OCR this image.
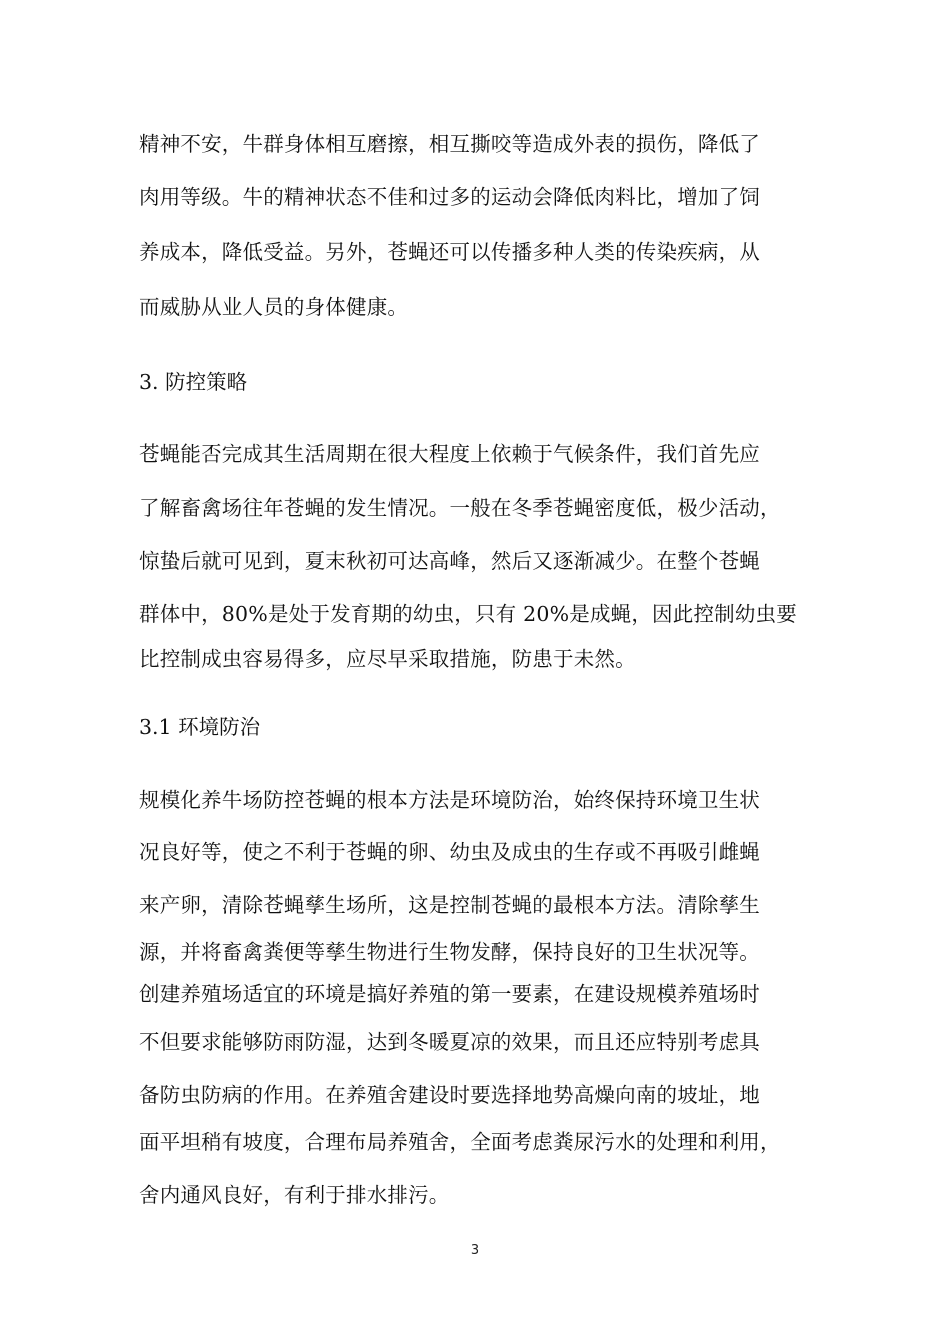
精神不安，牛群身体相互磨擦，相互撕咬等造成外表的损伤，降低了
肉用等级。牛的精神状态不佳和过多的运动会降低肉料比，增加了饲
养成本，降低受益。另外，苍蝇还可以传播多种人类的传染疾病，从
而威胁从业人员的身体健康。
3. 防控策略
苍蝇能否完成其生活周期在很大程度上依赖于气候条件，我们首先应
了解畜禽场往年苍蝇的发生情况。一般在冬季苍蝇密度低，极少活动，
惊蛰后就可见到，夏末秋初可达高峰，然后又逐渐减少。在整个苍蝇
群体中，80%是处于发育期的幼虫，只有 20%是成蝇，因此控制幼虫要
比控制成虫容易得多，应尽早采取措施，防患于未然。
3.1 环境防治
规模化养牛场防控苍蝇的根本方法是环境防治，始终保持环境卫生状
况良好等，使之不利于苍蝇的卵、幼虫及成虫的生存或不再吸引雌蝇
来产卵，清除苍蝇孳生场所，这是控制苍蝇的最根本方法。清除孳生
源，并将畜禽粪便等孳生物进行生物发酵，保持良好的卫生状况等。
创建养殖场适宜的环境是搞好养殖的第一要素，在建设规模养殖场时
不但要求能够防雨防湿，达到冬暖夏凉的效果，而且还应特别考虑具
备防虫防病的作用。在养殖舍建设时要选择地势高燥向南的坡址，地
面平坦稍有坡度，合理布局养殖舍，全面考虑粪尿污水的处理和利用，
舍内通风良好，有利于排水排污。
3
